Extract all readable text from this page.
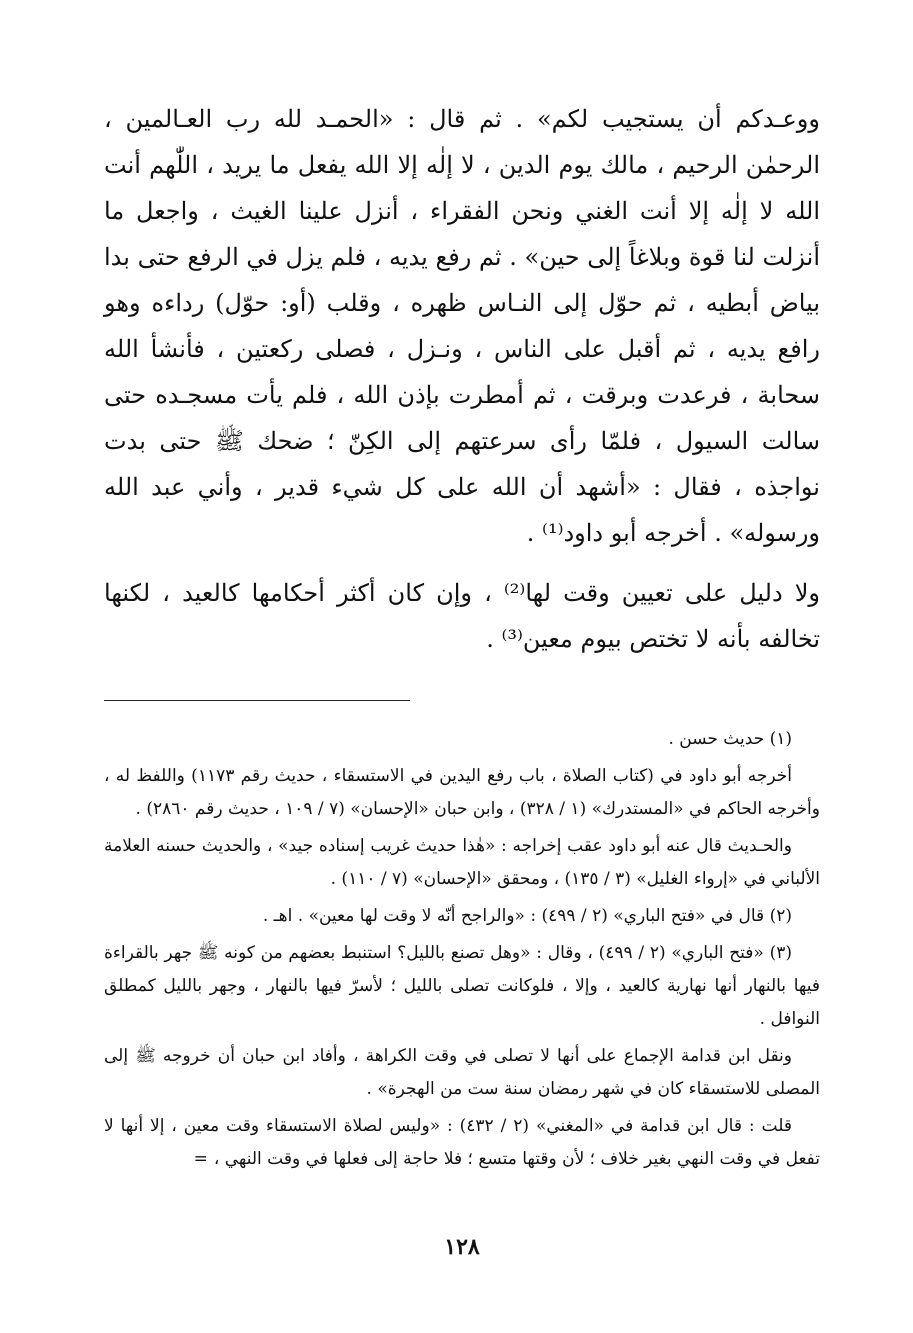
ووعـدكم أن يستجيب لكم» . ثم قال : «الحمـد لله رب العـالمين ، الرحمٰن الرحيم ، مالك يوم الدين ، لا إلٰه إلا الله يفعل ما يريد ، اللّٰهم أنت الله لا إلٰه إلا أنت الغني ونحن الفقراء ، أنزل علينا الغيث ، واجعل ما أنزلت لنا قوة وبلاغاً إلى حين» . ثم رفع يديه ، فلم يزل في الرفع حتى بدا بياض أبطيه ، ثم حوّل إلى النـاس ظهره ، وقلب (أو: حوّل) رداءه وهو رافع يديه ، ثم أقبل على الناس ، ونـزل ، فصلى ركعتين ، فأنشأ الله سحابة ، فرعدت وبرقت ، ثم أمطرت بإذن الله ، فلم يأت مسجـده حتى سالت السيول ، فلمّا رأى سرعتهم إلى الكِنّ ؛ ضحك ﷺ حتى بدت نواجذه ، فقال : «أشهد أن الله على كل شيء قدير ، وأني عبد الله ورسوله» . أخرجه أبو داود⁽¹⁾ .

ولا دليل على تعيين وقت لها⁽²⁾ ، وإن كان أكثر أحكامها كالعيد ، لكنها تخالفه بأنه لا تختص بيوم معين⁽³⁾ .

(١) حديث حسن .

أخرجه أبو داود في (كتاب الصلاة ، باب رفع اليدين في الاستسقاء ، حديث رقم ١١٧٣) واللفظ له ، وأخرجه الحاكم في «المستدرك» (١ / ٣٢٨) ، وابن حبان «الإحسان» (٧ / ١٠٩ ، حديث رقم ٢٨٦٠) .

والحـديث قال عنه أبو داود عقب إخراجه : «هٰذا حديث غريب إسناده جيد» ، والحديث حسنه العلامة الألباني في «إرواء الغليل» (٣ / ١٣٥) ، ومحقق «الإحسان» (٧ / ١١٠) .

(٢) قال في «فتح الباري» (٢ / ٤٩٩) : «والراجح أنّه لا وقت لها معين» . اهـ .

(٣) «فتح الباري» (٢ / ٤٩٩) ، وقال : «وهل تصنع بالليل؟ استنبط بعضهم من كونه ﷺ جهر بالقراءة فيها بالنهار أنها نهارية كالعيد ، وإلا ، فلوكانت تصلى بالليل ؛ لأسرّ فيها بالنهار ، وجهر بالليل كمطلق النوافل .

ونقل ابن قدامة الإجماع على أنها لا تصلى في وقت الكراهة ، وأفاد ابن حبان أن خروجه ﷺ إلى المصلى للاستسقاء كان في شهر رمضان سنة ست من الهجرة» .

قلت : قال ابن قدامة في «المغني» (٢ / ٤٣٢) : «وليس لصلاة الاستسقاء وقت معين ، إلا أنها لا تفعل في وقت النهي بغير خلاف ؛ لأن وقتها متسع ؛ فلا حاجة إلى فعلها في وقت النهي ،=

١٢٨
